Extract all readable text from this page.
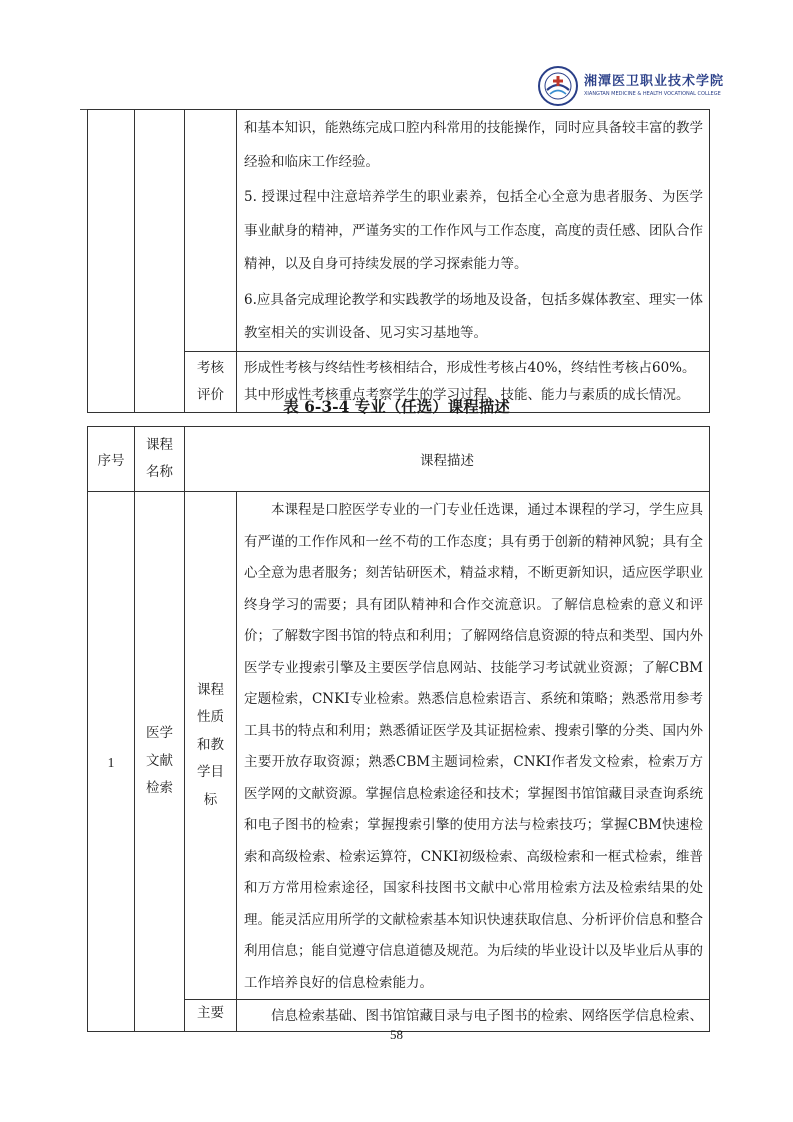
湘潭医卫职业技术学院
XIANGTAN MEDICINE & HEALTH VOCATIONAL COLLEGE

			和基本知识，能熟练完成口腔内科常用的技能操作，同时应具备较丰富的教学经验和临床工作经验。
5. 授课过程中注意培养学生的职业素养，包括全心全意为患者服务、为医学事业献身的精神，严谨务实的工作作风与工作态度，高度的责任感、团队合作精神，以及自身可持续发展的学习探索能力等。
6.应具备完成理论教学和实践教学的场地及设备，包括多媒体教室、理实一体教室相关的实训设备、见习实习基地等。

		考核评价	形成性考核与终结性考核相结合，形成性考核占40%，终结性考核占60%。
其中形成性考核重点考察学生的学习过程、技能、能力与素质的成长情况。
表 6-3-4 专业（任选）课程描述
序号	课程名称	课程描述	
1	医学文献检索	课程性质和教学目标	本课程是口腔医学专业的一门专业任选课，通过本课程的学习，学生应具有严谨的工作作风和一丝不苟的工作态度；具有勇于创新的精神风貌；具有全心全意为患者服务；刻苦钻研医术，精益求精，不断更新知识，适应医学职业终身学习的需要；具有团队精神和合作交流意识。了解信息检索的意义和评价；了解数字图书馆的特点和利用；了解网络信息资源的特点和类型、国内外医学专业搜索引擎及主要医学信息网站、技能学习考试就业资源；了解CBM定题检索，CNKI专业检索。熟悉信息检索语言、系统和策略；熟悉常用参考工具书的特点和利用；熟悉循证医学及其证据检索、搜索引擎的分类、国内外主要开放存取资源；熟悉CBM主题词检索，CNKI作者发文检索，检索万方医学网的文献资源。掌握信息检索途径和技术；掌握图书馆馆藏目录查询系统和电子图书的检索；掌握搜索引擎的使用方法与检索技巧；掌握CBM快速检索和高级检索、检索运算符，CNKI初级检索、高级检索和一框式检索，维普和万方常用检索途径，国家科技图书文献中心常用检索方法及检索结果的处理。能灵活应用所学的文献检索基本知识快速获取信息、分析评价信息和整合利用信息；能自觉遵守信息道德及规范。为后续的毕业设计以及毕业后从事的工作培养良好的信息检索能力。

		主要	信息检索基础、图书馆馆藏目录与电子图书的检索、网络医学信息检索、
58
